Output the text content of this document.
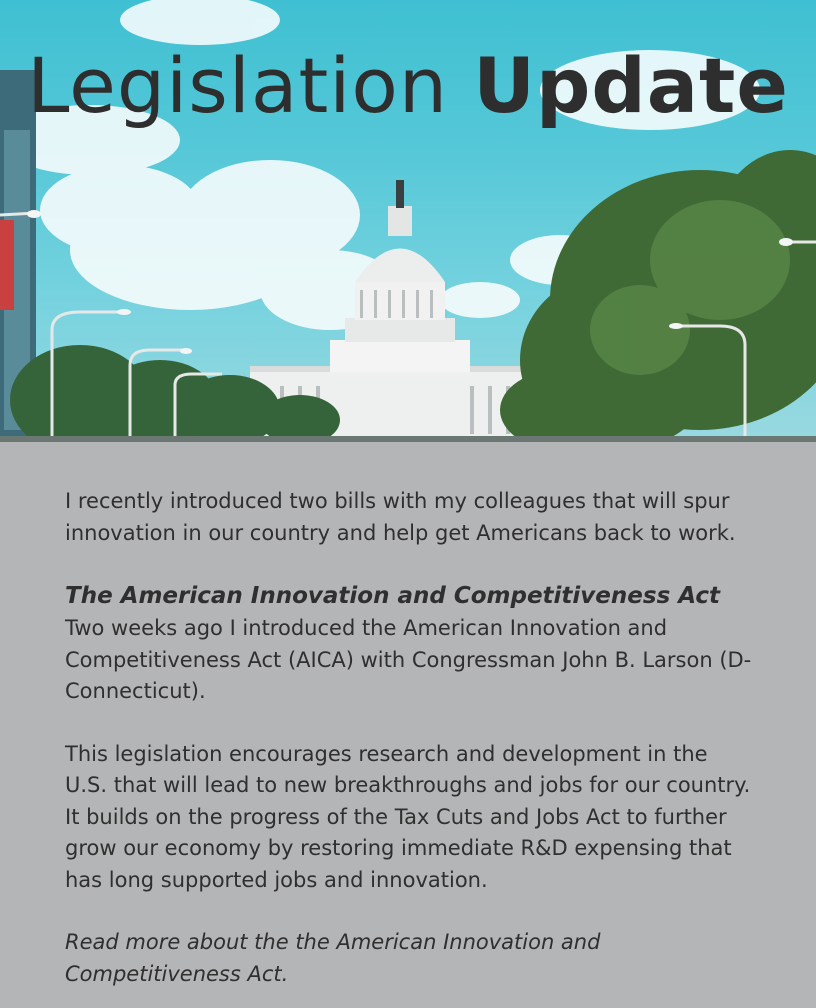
Legislation Update

I recently introduced two bills with my colleagues that will spur innovation in our country and help get Americans back to work.

The American Innovation and Competitiveness Act

Two weeks ago I introduced the American Innovation and Competitiveness Act (AICA) with Congressman John B. Larson (D-Connecticut).

This legislation encourages research and development in the U.S. that will lead to new breakthroughs and jobs for our country. It builds on the progress of the Tax Cuts and Jobs Act to further grow our economy by restoring immediate R&D expensing that has long supported jobs and innovation.

Read more about the the American Innovation and Competitiveness Act.
